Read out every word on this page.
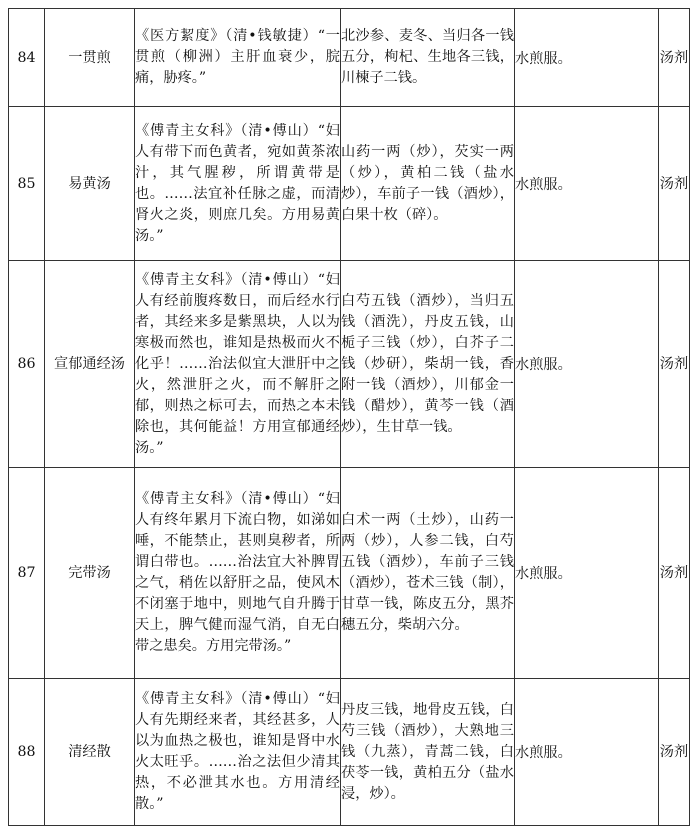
84	一贯煎	《医方絜度》（清•钱敏捷）“一贯煎（柳洲）主肝血衰少，脘痛，胁疼。”	北沙参、麦冬、当归各一钱五分，枸杞、生地各三钱，川楝子二钱。	水煎服。	汤剂
85	易黄汤	《傅青主女科》（清•傅山）“妇人有带下而色黄者，宛如黄茶浓汁，其气腥秽，所谓黄带是也。……法宜补任脉之虚，而清肾火之炎，则庶几矣。方用易黄汤。”	山药一两（炒），芡实一两（炒），黄柏二钱（盐水炒），车前子一钱（酒炒），白果十枚（碎）。	水煎服。	汤剂
86	宣郁通经汤	《傅青主女科》（清•傅山）“妇人有经前腹疼数日，而后经水行者，其经来多是紫黑块，人以为寒极而然也，谁知是热极而火不化乎！……治法似宜大泄肝中之火，然泄肝之火，而不解肝之郁，则热之标可去，而热之本未除也，其何能益！方用宣郁通经汤。”	白芍五钱（酒炒），当归五钱（酒洗），丹皮五钱，山栀子三钱（炒），白芥子二钱（炒研），柴胡一钱，香附一钱（酒炒），川郁金一钱（醋炒），黄芩一钱（酒炒），生甘草一钱。	水煎服。	汤剂
87	完带汤	《傅青主女科》（清•傅山）“妇人有终年累月下流白物，如涕如唾，不能禁止，甚则臭秽者，所谓白带也。……治法宜大补脾胃之气，稍佐以舒肝之品，使风木不闭塞于地中，则地气自升腾于天上，脾气健而湿气消，自无白带之患矣。方用完带汤。”	白术一两（土炒），山药一两（炒），人参二钱，白芍五钱（酒炒），车前子三钱（酒炒），苍术三钱（制），甘草一钱，陈皮五分，黑芥穗五分，柴胡六分。	水煎服。	汤剂
88	清经散	《傅青主女科》（清•傅山）“妇人有先期经来者，其经甚多，人以为血热之极也，谁知是肾中水火太旺乎。……治之法但少清其热，不必泄其水也。方用清经散。”	丹皮三钱，地骨皮五钱，白芍三钱（酒炒），大熟地三钱（九蒸），青蒿二钱，白茯苓一钱，黄柏五分（盐水浸，炒）。	水煎服。	汤剂
